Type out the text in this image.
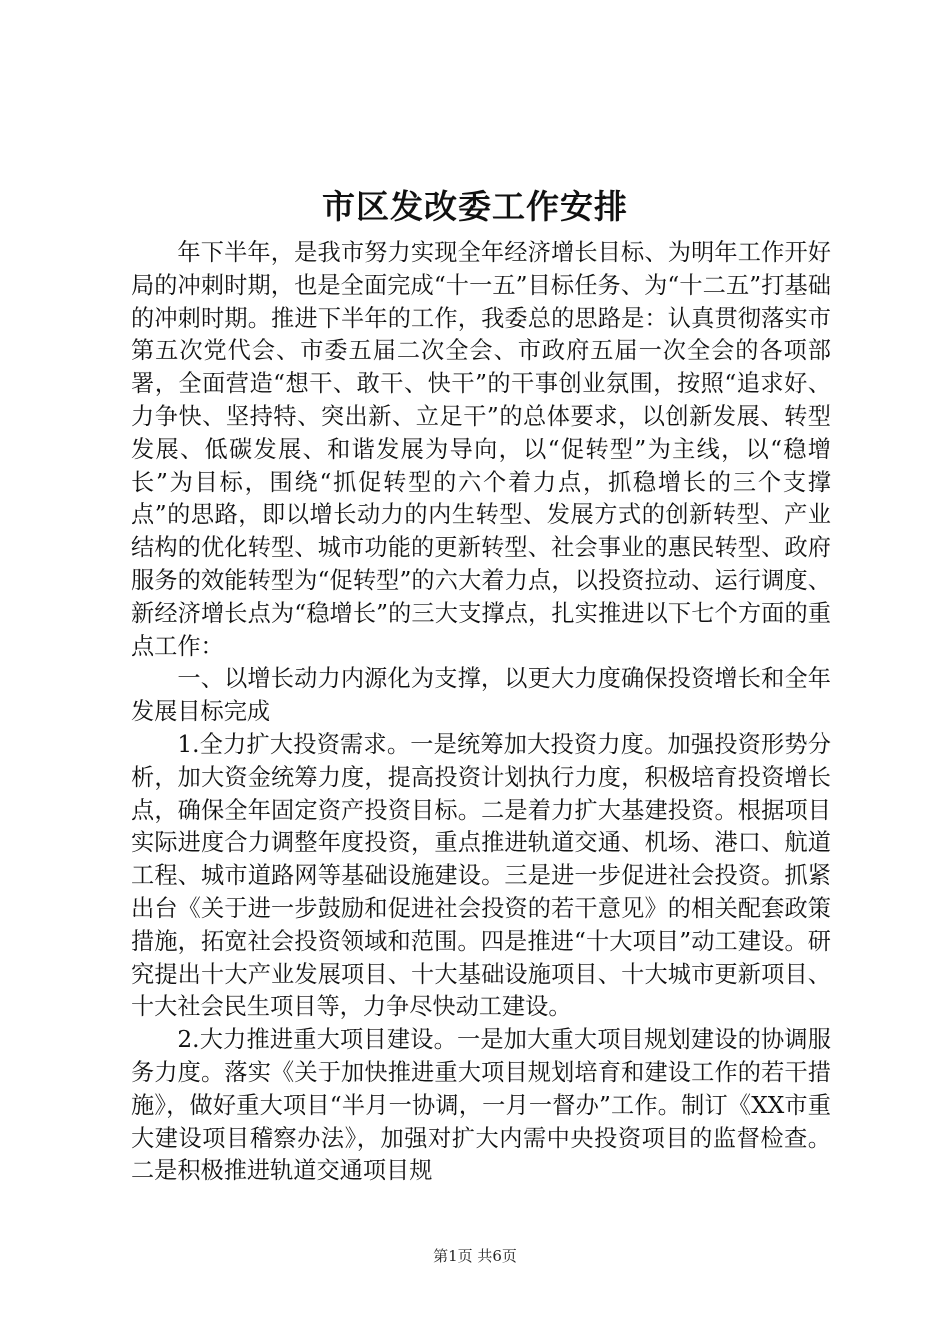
市区发改委工作安排

年下半年，是我市努力实现全年经济增长目标、为明年工作开好局的冲刺时期，也是全面完成“十一五”目标任务、为“十二五”打基础的冲刺时期。推进下半年的工作，我委总的思路是：认真贯彻落实市第五次党代会、市委五届二次全会、市政府五届一次全会的各项部署，全面营造“想干、敢干、快干”的干事创业氛围，按照“追求好、力争快、坚持特、突出新、立足干”的总体要求，以创新发展、转型发展、低碳发展、和谐发展为导向，以“促转型”为主线，以“稳增长”为目标，围绕“抓促转型的六个着力点，抓稳增长的三个支撑点”的思路，即以增长动力的内生转型、发展方式的创新转型、产业结构的优化转型、城市功能的更新转型、社会事业的惠民转型、政府服务的效能转型为“促转型”的六大着力点，以投资拉动、运行调度、新经济增长点为“稳增长”的三大支撑点，扎实推进以下七个方面的重点工作：

一、以增长动力内源化为支撑，以更大力度确保投资增长和全年发展目标完成

1.全力扩大投资需求。一是统筹加大投资力度。加强投资形势分析，加大资金统筹力度，提高投资计划执行力度，积极培育投资增长点，确保全年固定资产投资目标。二是着力扩大基建投资。根据项目实际进度合力调整年度投资，重点推进轨道交通、机场、港口、航道工程、城市道路网等基础设施建设。三是进一步促进社会投资。抓紧出台《关于进一步鼓励和促进社会投资的若干意见》的相关配套政策措施，拓宽社会投资领域和范围。四是推进“十大项目”动工建设。研究提出十大产业发展项目、十大基础设施项目、十大城市更新项目、十大社会民生项目等，力争尽快动工建设。

2.大力推进重大项目建设。一是加大重大项目规划建设的协调服务力度。落实《关于加快推进重大项目规划培育和建设工作的若干措施》，做好重大项目“半月一协调，一月一督办”工作。制订《XX市重大建设项目稽察办法》，加强对扩大内需中央投资项目的监督检查。二是积极推进轨道交通项目规

第1页 共6页
